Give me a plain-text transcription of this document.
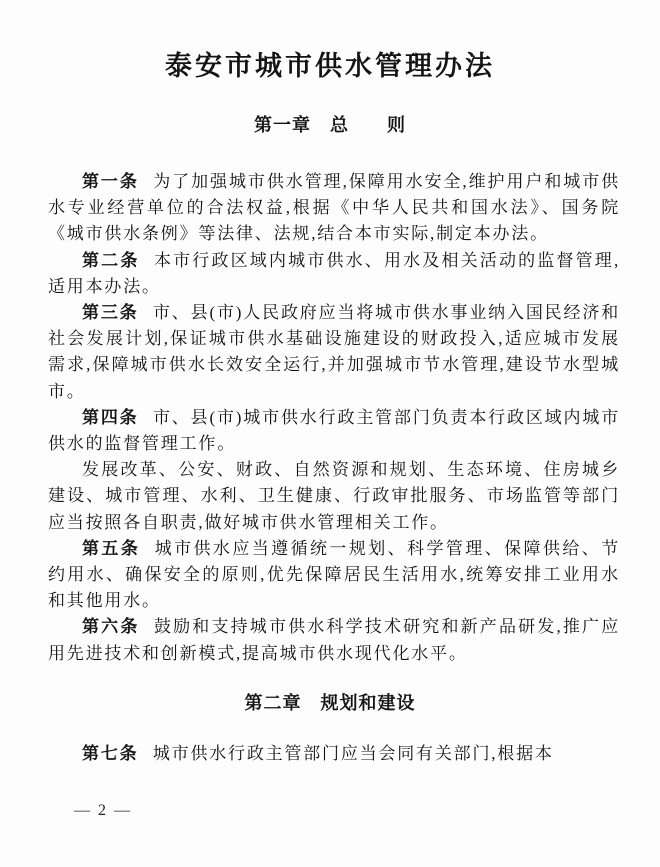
泰安市城市供水管理办法
第一章　总　　则

第一条 为了加强城市供水管理,保障用水安全,维护用户和城市供水专业经营单位的合法权益,根据《中华人民共和国水法》、国务院《城市供水条例》等法律、法规,结合本市实际,制定本办法。

第二条 本市行政区域内城市供水、用水及相关活动的监督管理,适用本办法。

第三条 市、县(市)人民政府应当将城市供水事业纳入国民经济和社会发展计划,保证城市供水基础设施建设的财政投入,适应城市发展需求,保障城市供水长效安全运行,并加强城市节水管理,建设节水型城市。

第四条 市、县(市)城市供水行政主管部门负责本行政区域内城市供水的监督管理工作。

发展改革、公安、财政、自然资源和规划、生态环境、住房城乡建设、城市管理、水利、卫生健康、行政审批服务、市场监管等部门应当按照各自职责,做好城市供水管理相关工作。

第五条 城市供水应当遵循统一规划、科学管理、保障供给、节约用水、确保安全的原则,优先保障居民生活用水,统筹安排工业用水和其他用水。

第六条 鼓励和支持城市供水科学技术研究和新产品研发,推广应用先进技术和创新模式,提高城市供水现代化水平。

第二章　规划和建设

第七条 城市供水行政主管部门应当会同有关部门,根据本

— 2 —
